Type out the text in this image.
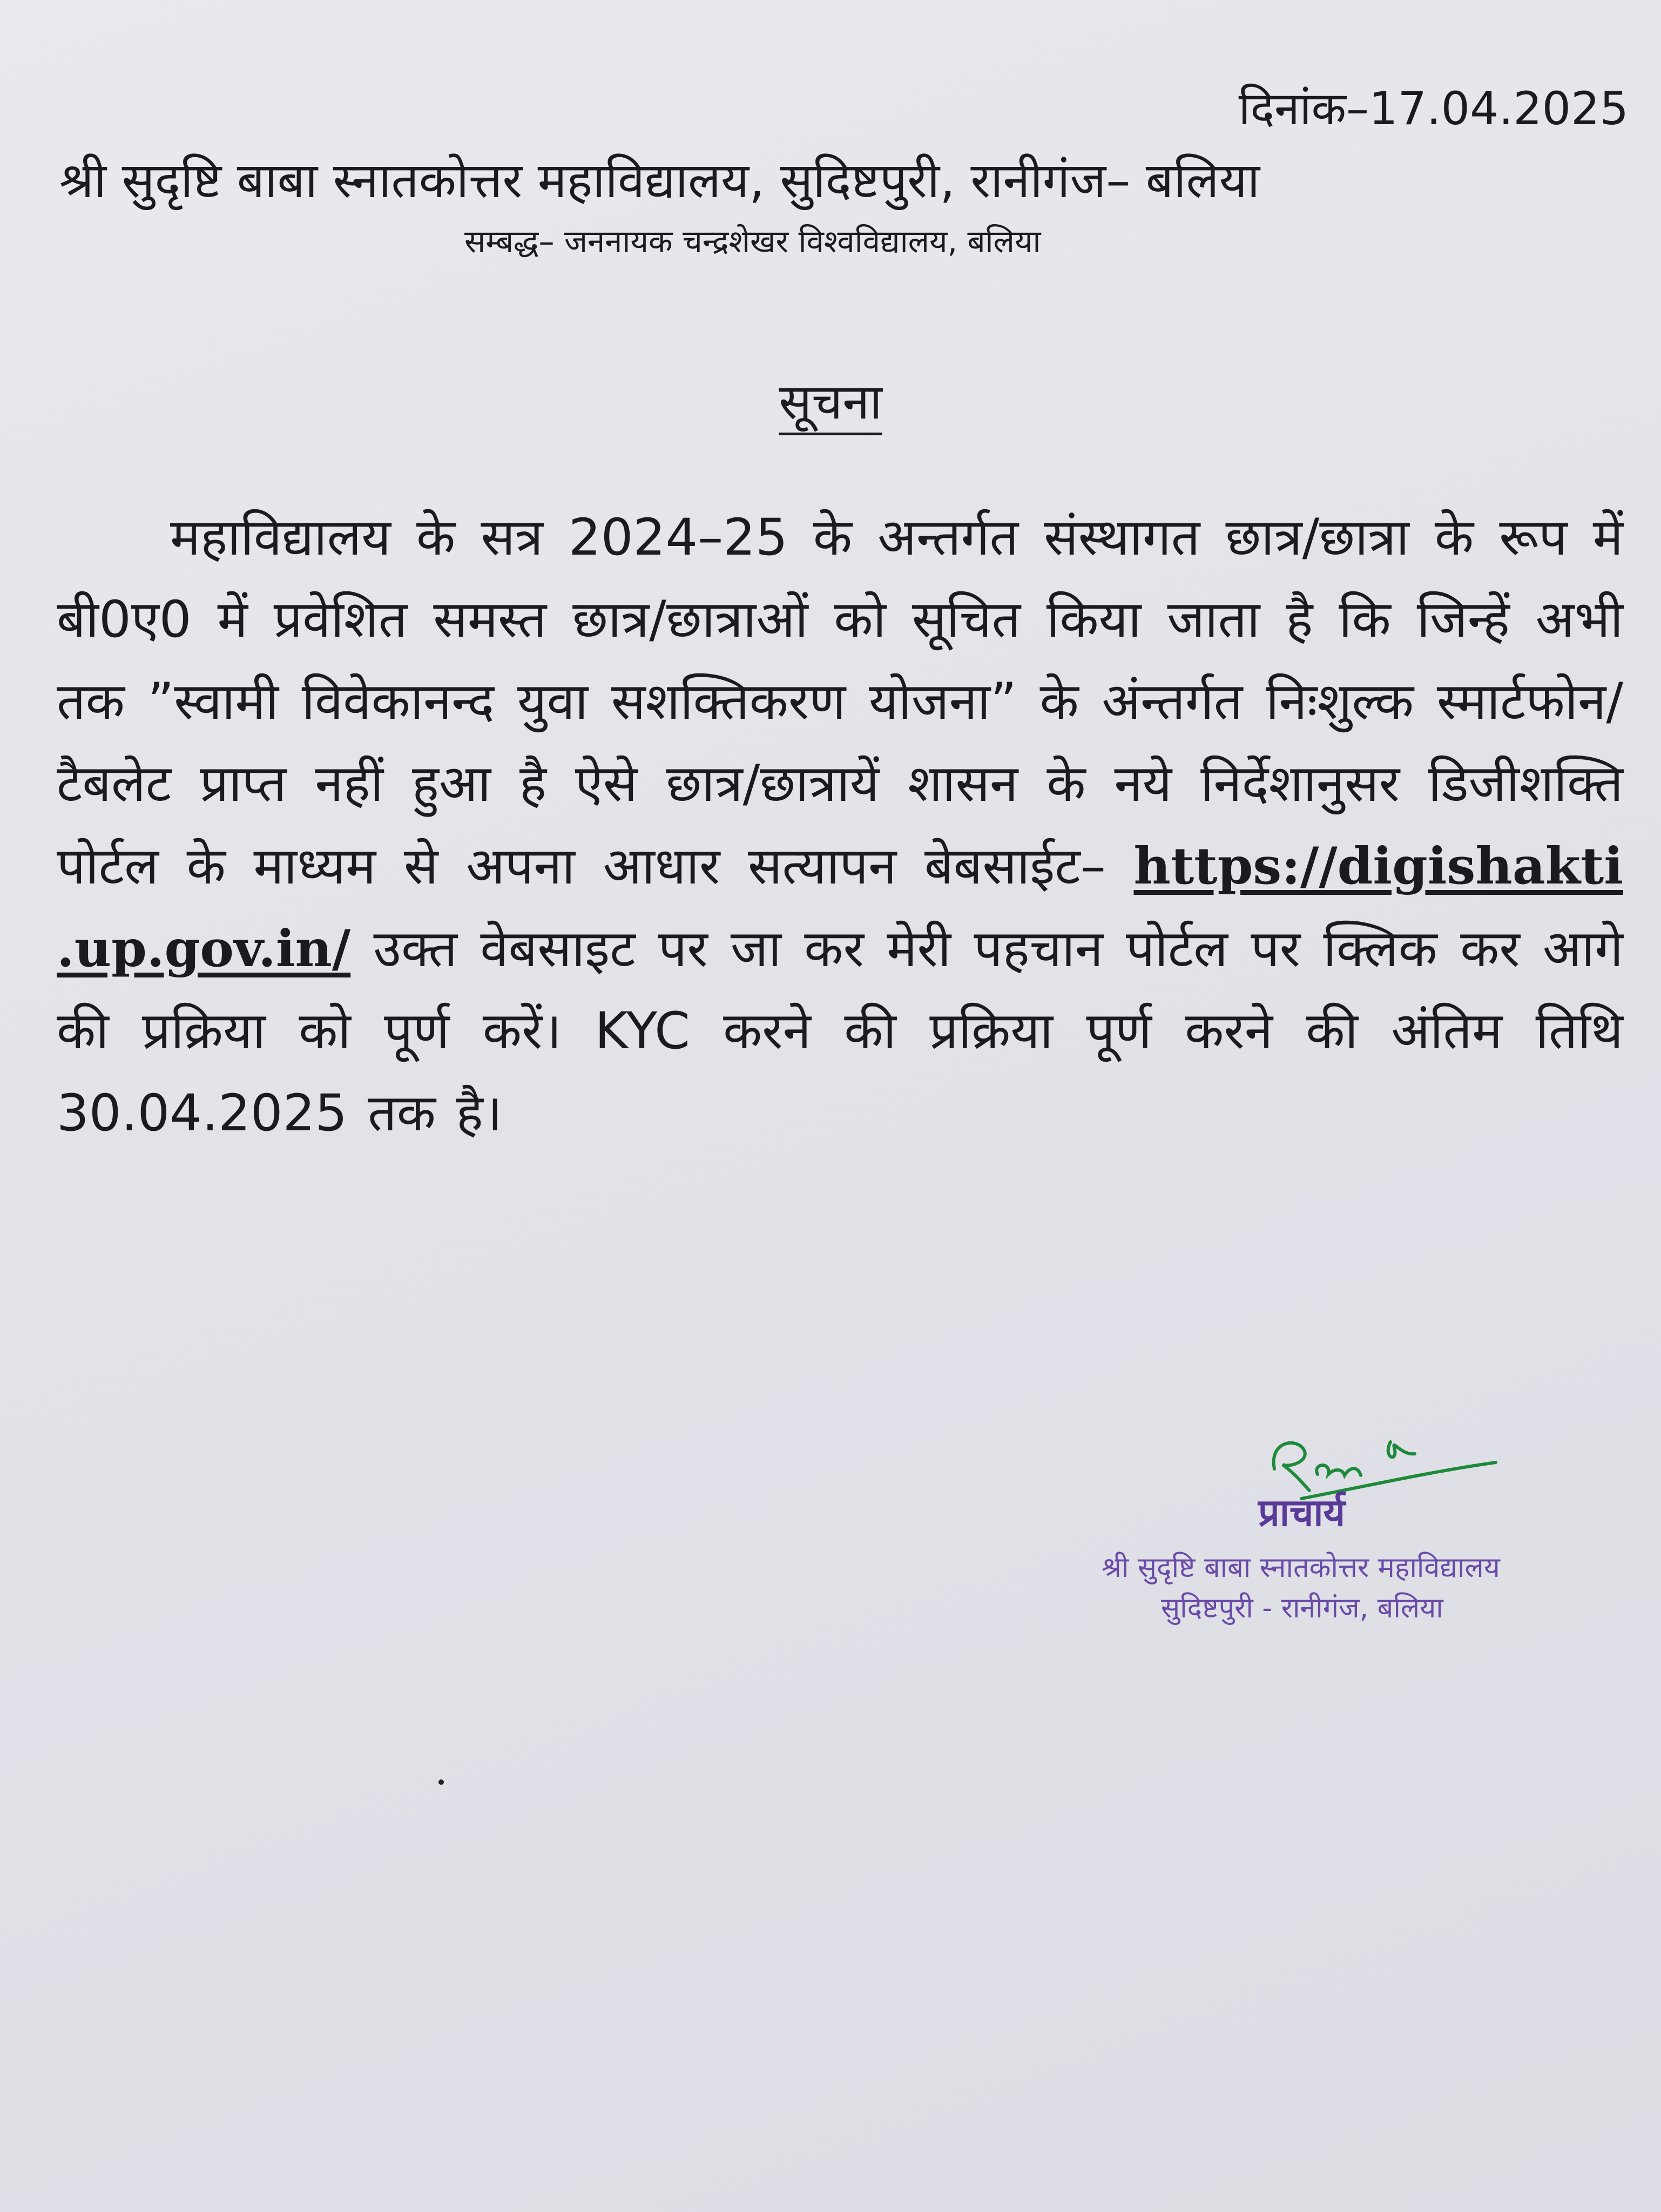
दिनांक–17.04.2025
श्री सुदृष्टि बाबा स्नातकोत्तर महाविद्यालय, सुदिष्टपुरी, रानीगंज– बलिया
सम्बद्ध– जननायक चन्द्रशेखर विश्वविद्यालय, बलिया
सूचना
महाविद्यालय के सत्र 2024–25 के अन्तर्गत संस्थागत छात्र/छात्रा के रूप में बी0ए0 में प्रवेशित समस्त छात्र/छात्राओं को सूचित किया जाता है कि जिन्हें अभी तक ”स्वामी विवेकानन्द युवा सशक्तिकरण योजना” के अंन्तर्गत निःशुल्क स्मार्टफोन/टैबलेट प्राप्त नहीं हुआ है ऐसे छात्र/छात्रायें शासन के नये निर्देशानुसर डिजीशक्ति पोर्टल के माध्यम से अपना आधार सत्यापन बेबसाईट– https://digishakti .up.gov.in/ उक्त वेबसाइट पर जा कर मेरी पहचान पोर्टल पर क्लिक कर आगे की प्रक्रिया को पूर्ण करें। KYC करने की प्रक्रिया पूर्ण करने की अंतिम तिथि 30.04.2025 तक है।
प्राचार्य
श्री सुदृष्टि बाबा स्नातकोत्तर महाविद्यालय
सुदिष्टपुरी - रानीगंज, बलिया
